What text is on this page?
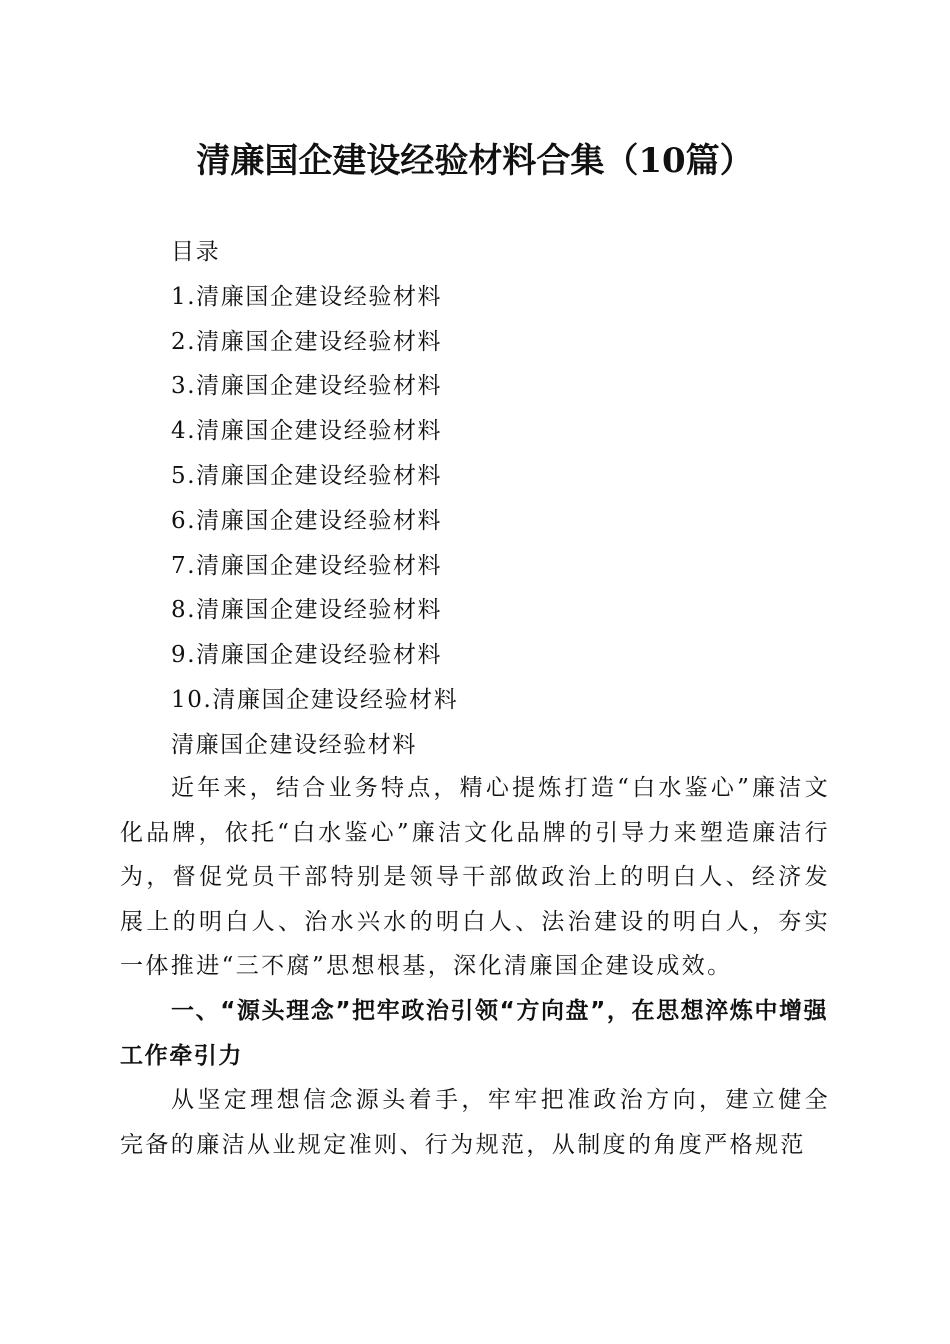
清廉国企建设经验材料合集（10篇）
目录
1.清廉国企建设经验材料
2.清廉国企建设经验材料
3.清廉国企建设经验材料
4.清廉国企建设经验材料
5.清廉国企建设经验材料
6.清廉国企建设经验材料
7.清廉国企建设经验材料
8.清廉国企建设经验材料
9.清廉国企建设经验材料
10.清廉国企建设经验材料
清廉国企建设经验材料

近年来，结合业务特点，精心提炼打造“白水鉴心”廉洁文化品牌，依托“白水鉴心”廉洁文化品牌的引导力来塑造廉洁行为，督促党员干部特别是领导干部做政治上的明白人、经济发展上的明白人、治水兴水的明白人、法治建设的明白人，夯实一体推进“三不腐”思想根基，深化清廉国企建设成效。

一、“源头理念”把牢政治引领“方向盘”，在思想淬炼中增强工作牵引力

从坚定理想信念源头着手，牢牢把准政治方向，建立健全完备的廉洁从业规定准则、行为规范，从制度的角度严格规范
